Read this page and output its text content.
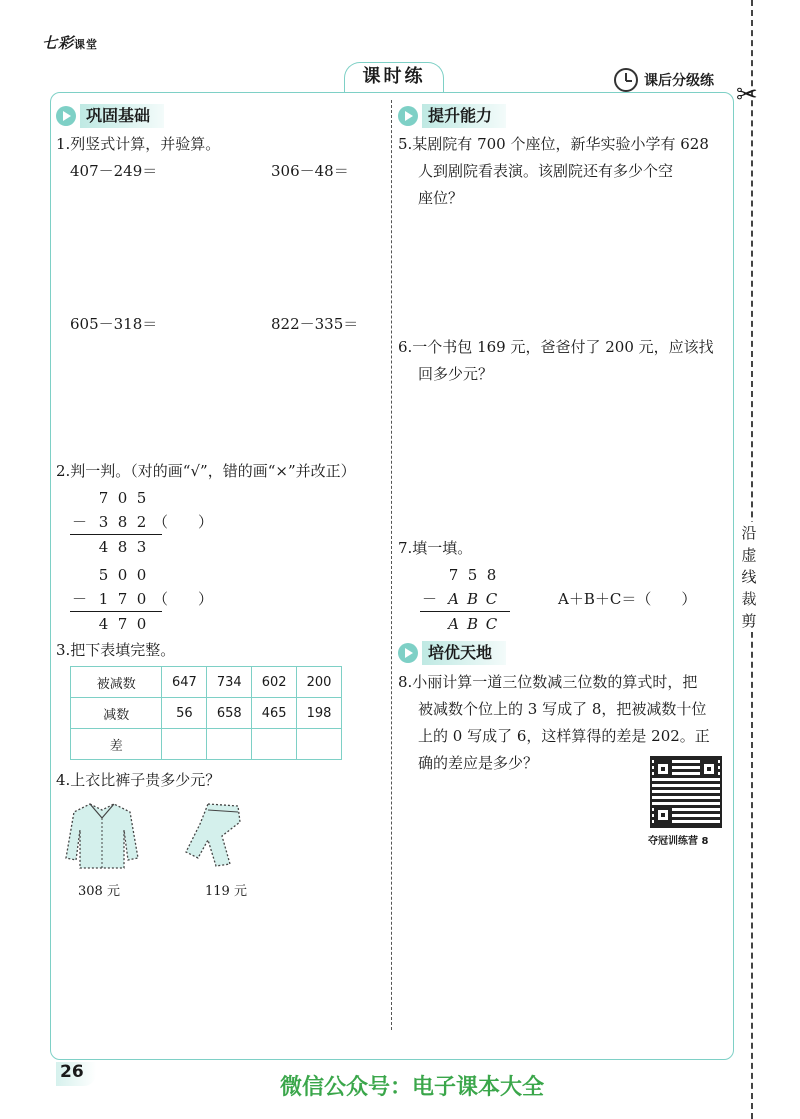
七彩课堂
课时练	课后分级练 ✂
沿虚线裁剪
巩固基础
1.列竖式计算，并验算。
407－249＝	306－48＝
605－318＝	822－335＝
2.判一判。（对的画“√”，错的画“×”并改正）
7 0 5
－ 3 8 2 （　　）
4 8 3
5 0 0
－ 1 7 0 （　　）
4 7 0
3.把下表填完整。
被减数	647	734	602	200
减数	56	658	465	198
差				
4.上衣比裤子贵多少元？
308 元	119 元
提升能力
5.某剧院有 700 个座位，新华实验小学有 628
人到剧院看表演。该剧院还有多少个空
座位？
6.一个书包 169 元，爸爸付了 200 元，应该找
回多少元？
7.填一填。
7 5 8
－ A B C
A B C
A＋B＋C＝（　　）
培优天地
8.小丽计算一道三位数减三位数的算式时，把
被减数个位上的 3 写成了 8，把被减数十位
上的 0 写成了 6，这样算得的差是 202。正
确的差应是多少？
夺冠训练营 8
26
微信公众号：电子课本大全
